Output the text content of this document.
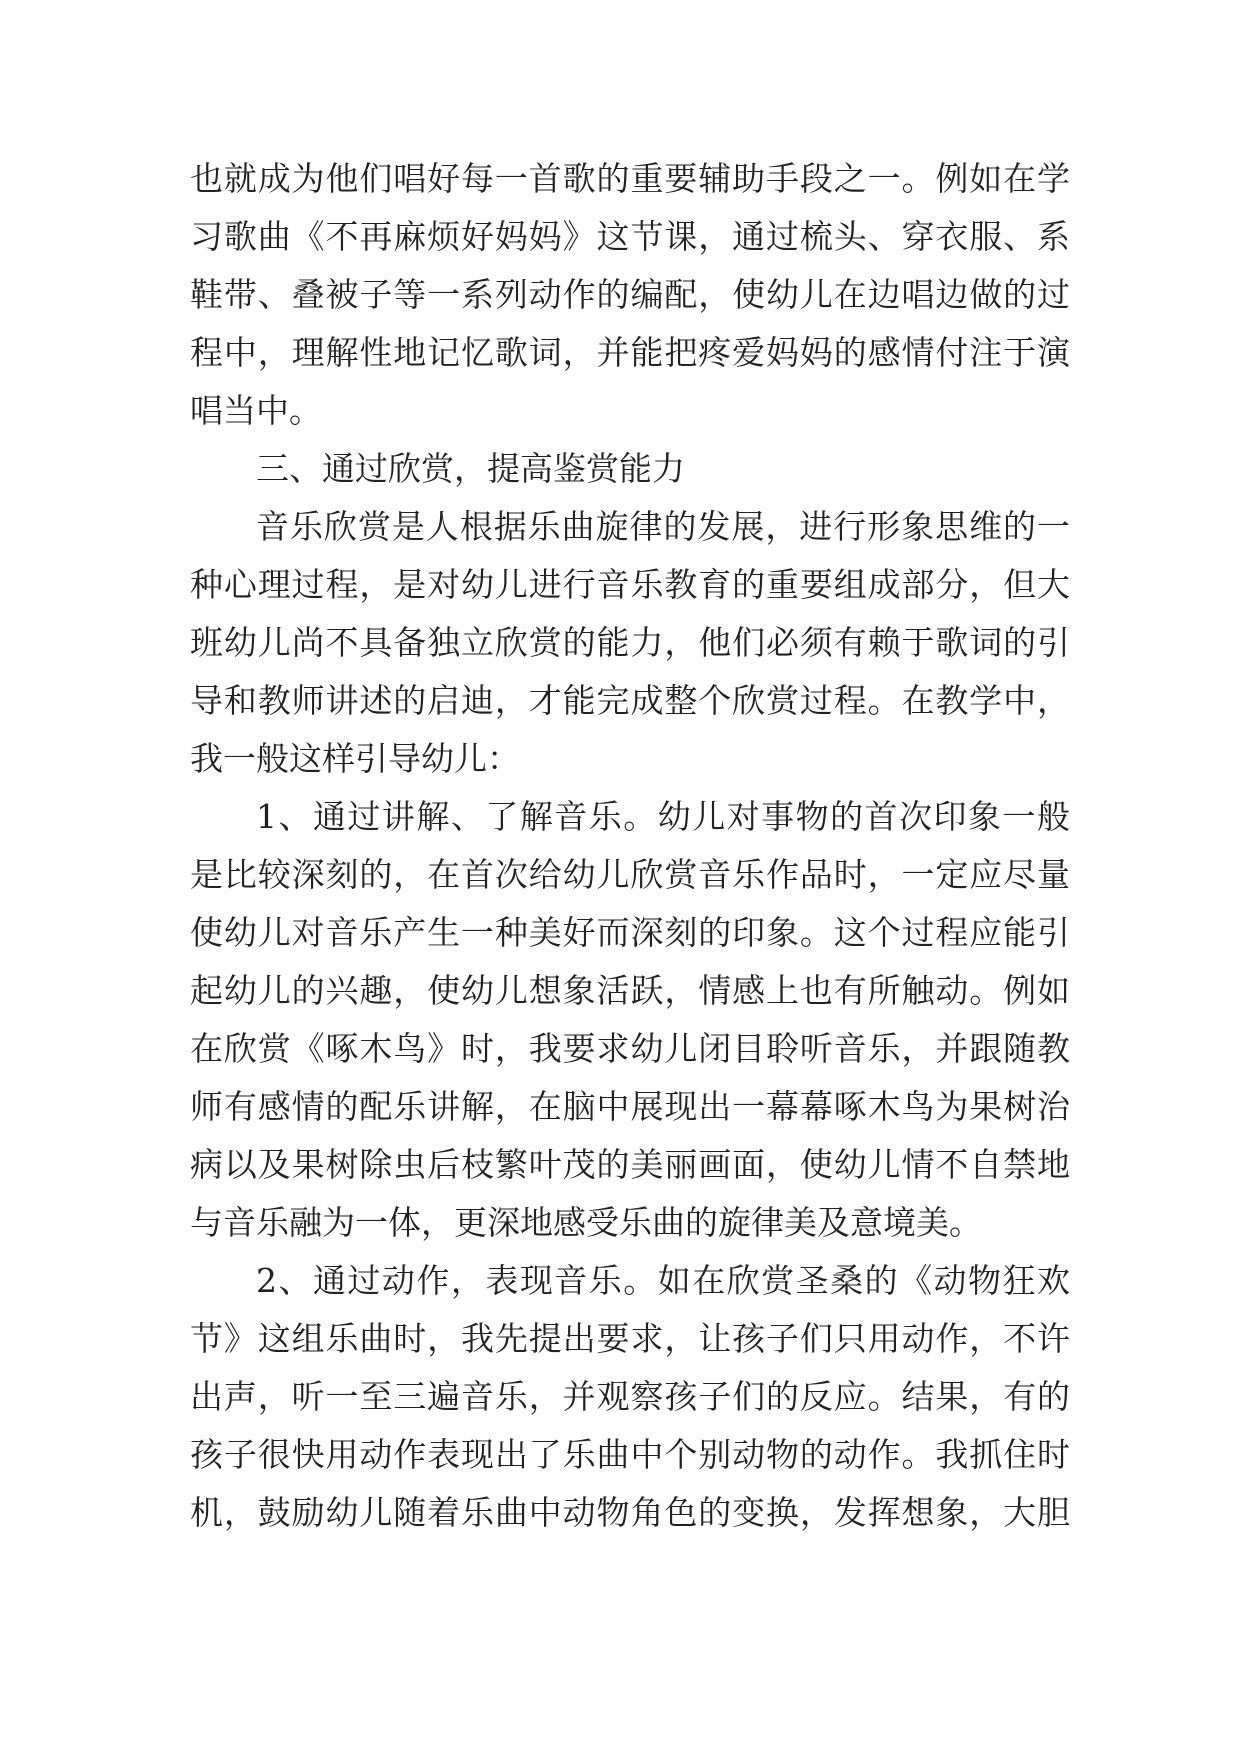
也就成为他们唱好每一首歌的重要辅助手段之一。例如在学
习歌曲《不再麻烦好妈妈》这节课，通过梳头、穿衣服、系
鞋带、叠被子等一系列动作的编配，使幼儿在边唱边做的过
程中，理解性地记忆歌词，并能把疼爱妈妈的感情付注于演
唱当中。
三、通过欣赏，提高鉴赏能力
音乐欣赏是人根据乐曲旋律的发展，进行形象思维的一
种心理过程，是对幼儿进行音乐教育的重要组成部分，但大
班幼儿尚不具备独立欣赏的能力，他们必须有赖于歌词的引
导和教师讲述的启迪，才能完成整个欣赏过程。在教学中，
我一般这样引导幼儿：
1、通过讲解、了解音乐。幼儿对事物的首次印象一般
是比较深刻的，在首次给幼儿欣赏音乐作品时，一定应尽量
使幼儿对音乐产生一种美好而深刻的印象。这个过程应能引
起幼儿的兴趣，使幼儿想象活跃，情感上也有所触动。例如
在欣赏《啄木鸟》时，我要求幼儿闭目聆听音乐，并跟随教
师有感情的配乐讲解，在脑中展现出一幕幕啄木鸟为果树治
病以及果树除虫后枝繁叶茂的美丽画面，使幼儿情不自禁地
与音乐融为一体，更深地感受乐曲的旋律美及意境美。
2、通过动作，表现音乐。如在欣赏圣桑的《动物狂欢
节》这组乐曲时，我先提出要求，让孩子们只用动作，不许
出声，听一至三遍音乐，并观察孩子们的反应。结果，有的
孩子很快用动作表现出了乐曲中个别动物的动作。我抓住时
机，鼓励幼儿随着乐曲中动物角色的变换，发挥想象，大胆
